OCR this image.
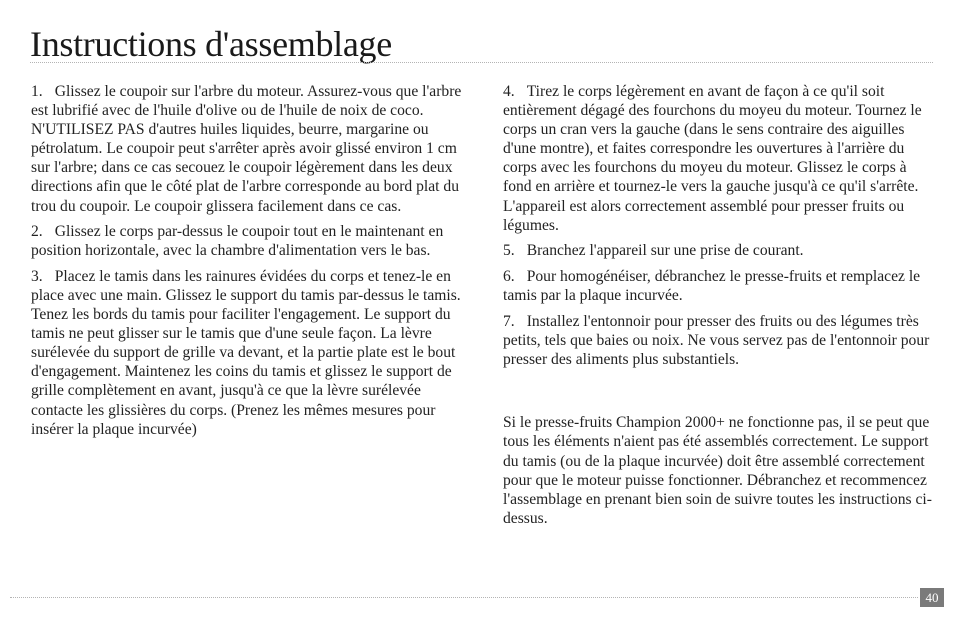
Instructions d'assemblage

1. Glissez le coupoir sur l'arbre du moteur. Assurez-vous que l'arbre est lubrifié avec de l'huile d'olive ou de l'huile de noix de coco. N'UTILISEZ PAS d'autres huiles liquides, beurre, margarine ou pétrolatum. Le coupoir peut s'arrêter après avoir glissé environ 1 cm sur l'arbre; dans ce cas secouez le coupoir légèrement dans les deux directions afin que le côté plat de l'arbre corresponde au bord plat du trou du coupoir. Le coupoir glissera facilement dans ce cas.

2. Glissez le corps par-dessus le coupoir tout en le maintenant en position horizontale, avec la chambre d'alimentation vers le bas.

3. Placez le tamis dans les rainures évidées du corps et tenez-le en place avec une main. Glissez le support du tamis par-dessus le tamis. Tenez les bords du tamis pour faciliter l'engagement. Le support du tamis ne peut glisser sur le tamis que d'une seule façon. La lèvre surélevée du support de grille va devant, et la partie plate est le bout d'engagement. Maintenez les coins du tamis et glissez le support de grille complètement en avant, jusqu'à ce que la lèvre surélevée contacte les glissières du corps. (Prenez les mêmes mesures pour insérer la plaque incurvée)

4. Tirez le corps légèrement en avant de façon à ce qu'il soit entièrement dégagé des fourchons du moyeu du moteur. Tournez le corps un cran vers la gauche (dans le sens contraire des aiguilles d'une montre), et faites correspondre les ouvertures à l'arrière du corps avec les fourchons du moyeu du moteur. Glissez le corps à fond en arrière et tournez-le vers la gauche jusqu'à ce qu'il s'arrête. L'appareil est alors correctement assemblé pour presser fruits ou légumes.

5. Branchez l'appareil sur une prise de courant.

6. Pour homogénéiser, débranchez le presse-fruits et remplacez le tamis par la plaque incurvée.

7. Installez l'entonnoir pour presser des fruits ou des légumes très petits, tels que baies ou noix. Ne vous servez pas de l'entonnoir pour presser des aliments plus substantiels.

Si le presse-fruits Champion 2000+ ne fonctionne pas, il se peut que tous les éléments n'aient pas été assemblés correctement. Le support du tamis (ou de la plaque incurvée) doit être assemblé correctement pour que le moteur puisse fonctionner. Débranchez et recommencez l'assemblage en prenant bien soin de suivre toutes les instructions ci-dessus.

40
